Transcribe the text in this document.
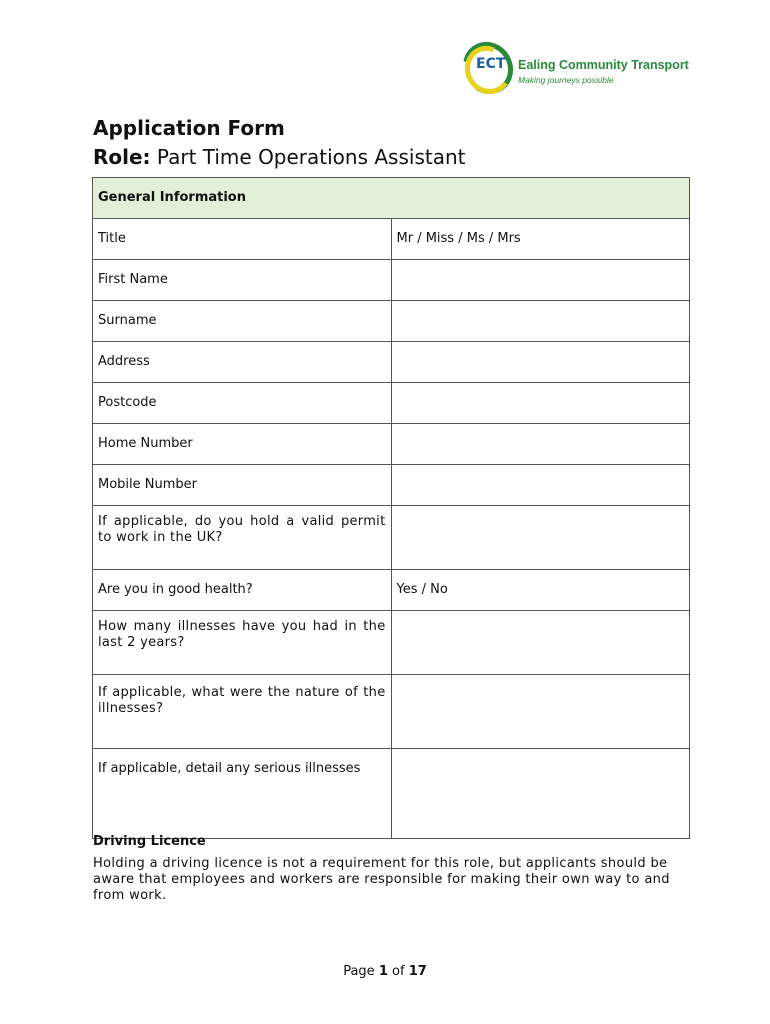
ECT Ealing Community Transport
Making journeys possible
Application Form
Role: Part Time Operations Assistant
General Information	
Title	Mr / Miss / Ms / Mrs
First Name	
Surname	
Address	
Postcode	
Home Number	
Mobile Number	
If applicable, do you hold a valid permit to work in the UK?	
Are you in good health?	Yes / No
How many illnesses have you had in the last 2 years?	
If applicable, what were the nature of the illnesses?	
If applicable, detail any serious illnesses	
Driving Licence
Holding a driving licence is not a requirement for this role, but applicants should be aware that employees and workers are responsible for making their own way to and from work.
Page 1 of 17
